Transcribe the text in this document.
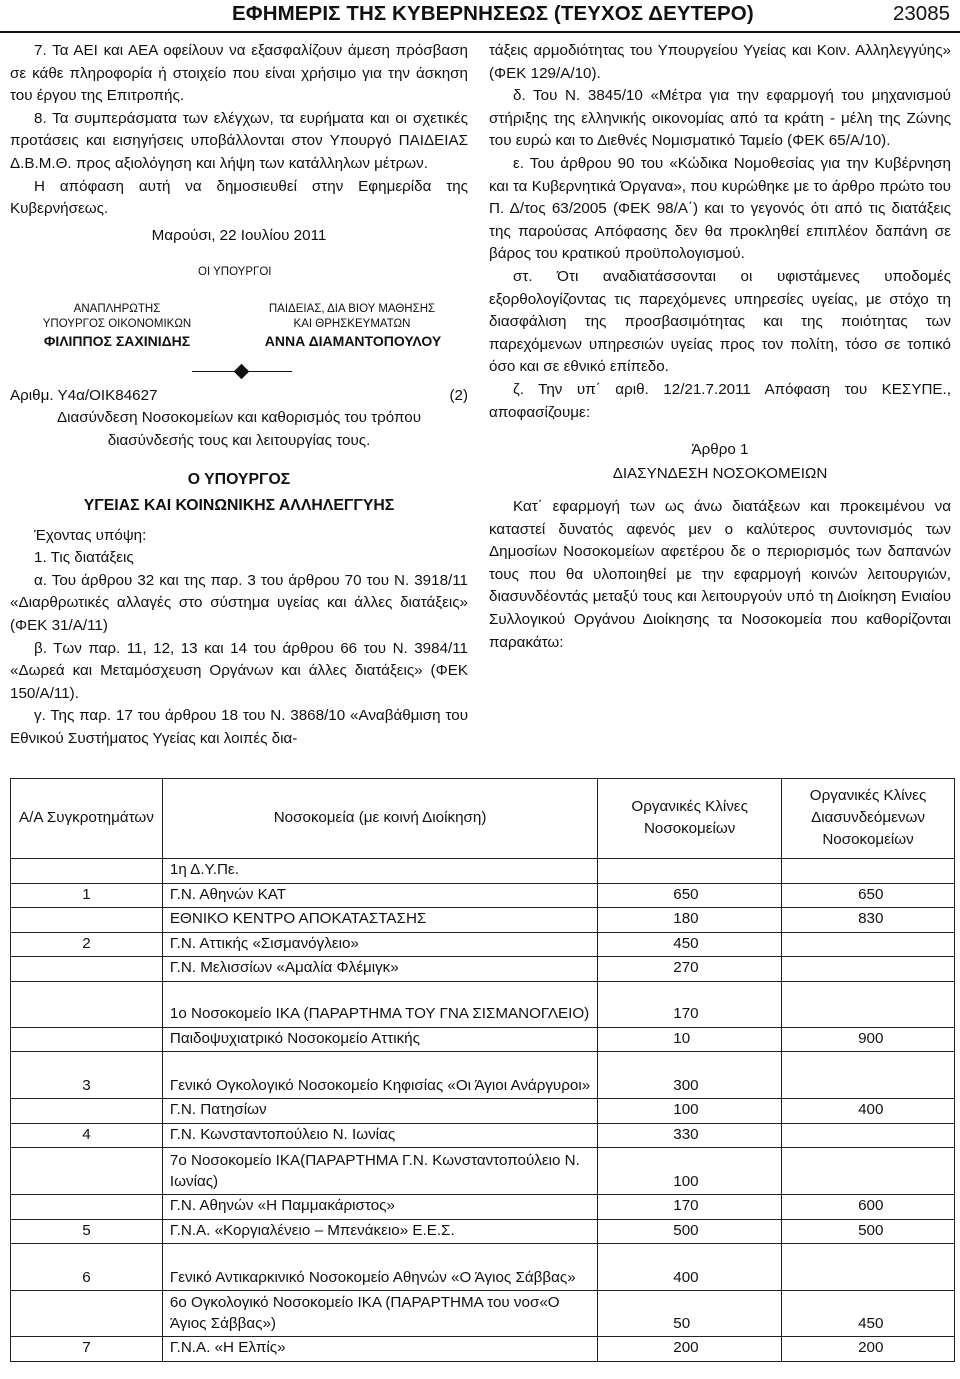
ΕΦΗΜΕΡΙΣ ΤΗΣ ΚΥΒΕΡΝΗΣΕΩΣ (ΤΕΥΧΟΣ ΔΕΥΤΕΡΟ)	23085
7. Τα ΑΕΙ και ΑΕΑ οφείλουν να εξασφαλίζουν άμεση πρόσβαση σε κάθε πληροφορία ή στοιχείο που είναι χρήσιμο για την άσκηση του έργου της Επιτροπής.
8. Τα συμπεράσματα των ελέγχων, τα ευρήματα και οι σχετικές προτάσεις και εισηγήσεις υποβάλλονται στον Υπουργό ΠΑΙΔΕΙΑΣ Δ.Β.Μ.Θ. προς αξιολόγηση και λήψη των κατάλληλων μέτρων.
Η απόφαση αυτή να δημοσιευθεί στην Εφημερίδα της Κυβερνήσεως.
Μαρούσι, 22 Ιουλίου 2011
ΟΙ ΥΠΟΥΡΓΟΙ
ΑΝΑΠΛΗΡΩΤΗΣ
ΥΠΟΥΡΓΟΣ ΟΙΚΟΝΟΜΙΚΩΝ
ΠΑΙΔΕΙΑΣ, ΔΙΑ ΒΙΟΥ ΜΑΘΗΣΗΣ
ΚΑΙ ΘΡΗΣΚΕΥΜΑΤΩΝ
ΦΙΛΙΠΠΟΣ ΣΑΧΙΝΙΔΗΣ	ΑΝΝΑ ΔΙΑΜΑΝΤΟΠΟΥΛΟΥ
Αριθμ. Υ4α/ΟΙΚ84627	(2)
Διασύνδεση Νοσοκομείων και καθορισμός του τρόπου διασύνδεσής τους και λειτουργίας τους.
Ο ΥΠΟΥΡΓΟΣ
ΥΓΕΙΑΣ ΚΑΙ ΚΟΙΝΩΝΙΚΗΣ ΑΛΛΗΛΕΓΓΥΗΣ
Έχοντας υπόψη:
1. Τις διατάξεις
α. Του άρθρου 32 και της παρ. 3 του άρθρου 70 του Ν. 3918/11 «Διαρθρωτικές αλλαγές στο σύστημα υγείας και άλλες διατάξεις» (ΦΕΚ 31/Α/11)
β. Των παρ. 11, 12, 13 και 14 του άρθρου 66 του Ν. 3984/11 «Δωρεά και Μεταμόσχευση Οργάνων και άλλες διατάξεις» (ΦΕΚ 150/Α/11).
γ. Της παρ. 17 του άρθρου 18 του Ν. 3868/10 «Αναβάθμιση του Εθνικού Συστήματος Υγείας και λοιπές δια-
τάξεις αρμοδιότητας του Υπουργείου Υγείας και Κοιν. Αλληλεγγύης» (ΦΕΚ 129/Α/10).
δ. Του Ν. 3845/10 «Μέτρα για την εφαρμογή του μηχανισμού στήριξης της ελληνικής οικονομίας από τα κράτη - μέλη της Ζώνης του ευρώ και το Διεθνές Νομισματικό Ταμείο (ΦΕΚ 65/Α/10).
ε. Του άρθρου 90 του «Κώδικα Νομοθεσίας για την Κυβέρνηση και τα Κυβερνητικά Όργανα», που κυρώθηκε με το άρθρο πρώτο του Π. Δ/τος 63/2005 (ΦΕΚ 98/Α΄) και το γεγονός ότι από τις διατάξεις της παρούσας Απόφασης δεν θα προκληθεί επιπλέον δαπάνη σε βάρος του κρατικού προϋπολογισμού.
στ. Ότι αναδιατάσσονται οι υφιστάμενες υποδομές εξορθολογίζοντας τις παρεχόμενες υπηρεσίες υγείας, με στόχο τη διασφάλιση της προσβασιμότητας και της ποιότητας των παρεχόμενων υπηρεσιών υγείας προς τον πολίτη, τόσο σε τοπικό όσο και σε εθνικό επίπεδο.
ζ. Την υπ΄ αριθ. 12/21.7.2011 Απόφαση του ΚΕΣΥΠΕ., αποφασίζουμε:
Άρθρο 1
ΔΙΑΣΥΝΔΕΣΗ ΝΟΣΟΚΟΜΕΙΩΝ
Κατ΄ εφαρμογή των ως άνω διατάξεων και προκειμένου να καταστεί δυνατός αφενός μεν ο καλύτερος συντονισμός των Δημοσίων Νοσοκομείων αφετέρου δε ο περιορισμός των δαπανών τους που θα υλοποιηθεί με την εφαρμογή κοινών λειτουργιών, διασυνδέοντάς μεταξύ τους και λειτουργούν υπό τη Διοίκηση Ενιαίου Συλλογικού Οργάνου Διοίκησης τα Νοσοκομεία που καθορίζονται παρακάτω:
Α/Α Συγκροτημάτων	Νοσοκομεία (με κοινή Διοίκηση)	Οργανικές Κλίνες Νοσοκομείων	Οργανικές Κλίνες Διασυνδεόμενων Νοσοκομείων
	1η Δ.Υ.Πε.		
1	Γ.Ν. Αθηνών ΚΑΤ	650	650
	ΕΘΝΙΚΟ ΚΕΝΤΡΟ ΑΠΟΚΑΤΑΣΤΑΣΗΣ	180	830
2	Γ.Ν. Αττικής «Σισμανόγλειο»	450	
	Γ.Ν. Μελισσίων «Αμαλία Φλέμιγκ»	270	
	1ο Νοσοκομείο ΙΚΑ (ΠΑΡΑΡΤΗΜΑ ΤΟΥ ΓΝΑ ΣΙΣΜΑΝΟΓΛΕΙΟ)	170	
	Παιδοψυχιατρικό Νοσοκομείο Αττικής	10	900
3	Γενικό Ογκολογικό Νοσοκομείο Κηφισίας «Οι Άγιοι Ανάργυροι»	300	
	Γ.Ν. Πατησίων	100	400
4	Γ.Ν. Κωνσταντοπούλειο Ν. Ιωνίας	330	
	7ο Νοσοκομείο ΙΚΑ(ΠΑΡΑΡΤΗΜΑ Γ.Ν. Κωνσταντοπούλειο Ν. Ιωνίας)	100	
	Γ.Ν. Αθηνών «Η Παμμακάριστος»	170	600
5	Γ.Ν.Α. «Κοργιαλένειο – Μπενάκειο» Ε.Ε.Σ.	500	500
6	Γενικό Αντικαρκινικό Νοσοκομείο Αθηνών «Ο Άγιος Σάββας»	400	
	6ο Ογκολογικό Νοσοκομείο ΙΚΑ (ΠΑΡΑΡΤΗΜΑ του νοσ«Ο Άγιος Σάββας»)	50	450
7	Γ.Ν.Α. «Η Ελπίς»	200	200
